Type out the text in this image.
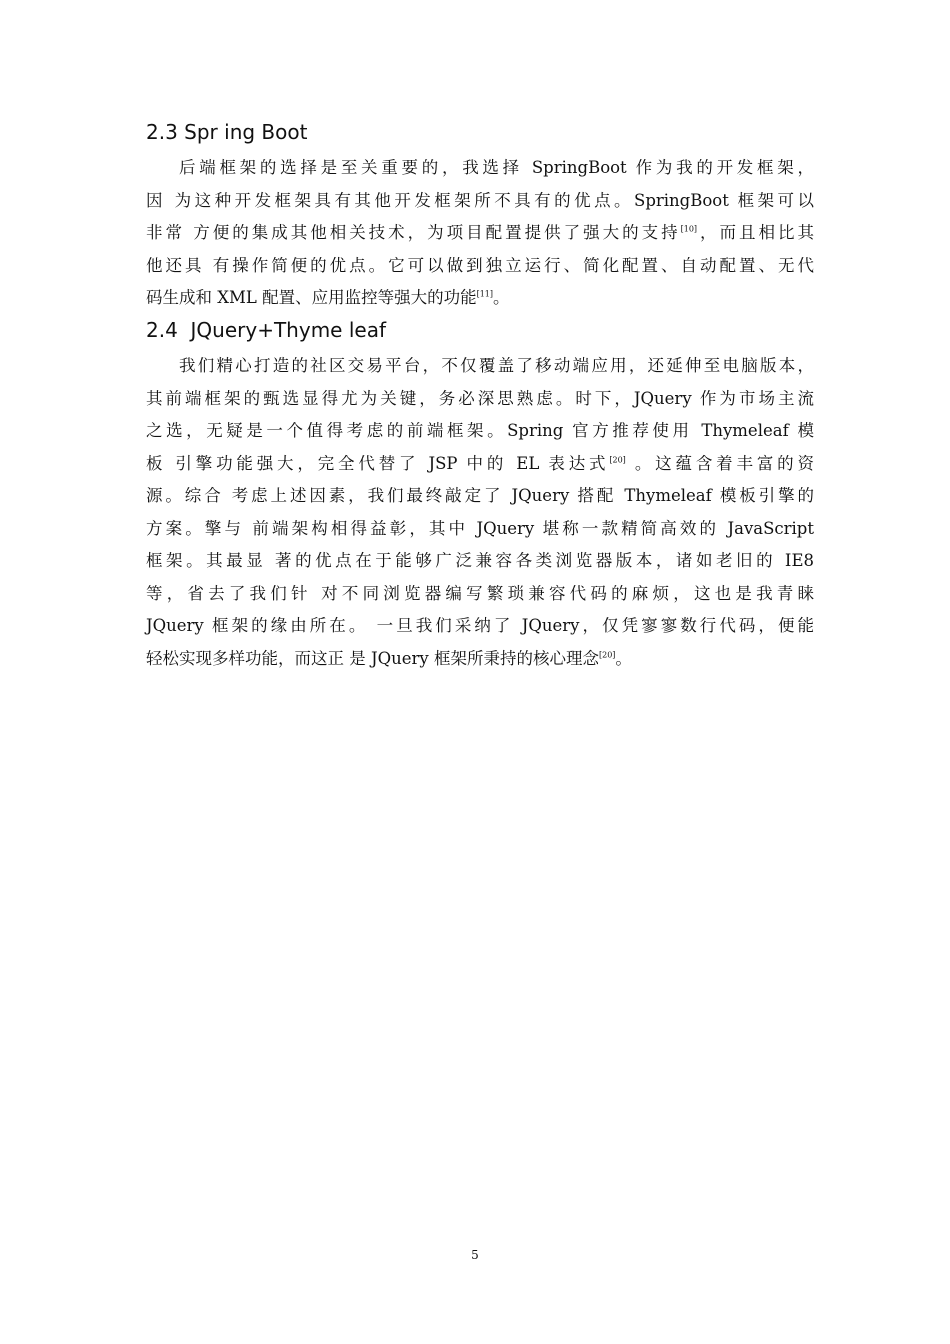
2.3 Spr ing Boot
后端框架的选择是至关重要的，我选择 SpringBoot 作为我的开发框架，
因 为这种开发框架具有其他开发框架所不具有的优点。SpringBoot 框架可以
非常 方便的集成其他相关技术，为项目配置提供了强大的支持[10]，而且相比其
他还具 有操作简便的优点。它可以做到独立运行、简化配置、自动配置、无代
码生成和 XML 配置、应用监控等强大的功能[11]。
2.4  JQuery+Thyme leaf
我们精心打造的社区交易平台，不仅覆盖了移动端应用，还延伸至电脑版本，
其前端框架的甄选显得尤为关键，务必深思熟虑。时下，JQuery 作为市场主流
之选，无疑是一个值得考虑的前端框架。Spring 官方推荐使用 Thymeleaf 模
板 引擎功能强大，完全代替了 JSP 中的 EL 表达式[20] 。这蕴含着丰富的资
源。综合 考虑上述因素，我们最终敲定了 JQuery 搭配 Thymeleaf 模板引擎的
方案。擎与 前端架构相得益彰，其中 JQuery 堪称一款精简高效的 JavaScript
框架。其最显 著的优点在于能够广泛兼容各类浏览器版本，诸如老旧的 IE8
等，省去了我们针 对不同浏览器编写繁琐兼容代码的麻烦，这也是我青睐
JQuery 框架的缘由所在。 一旦我们采纳了 JQuery，仅凭寥寥数行代码，便能
轻松实现多样功能，而这正 是 JQuery 框架所秉持的核心理念[20]。
5
